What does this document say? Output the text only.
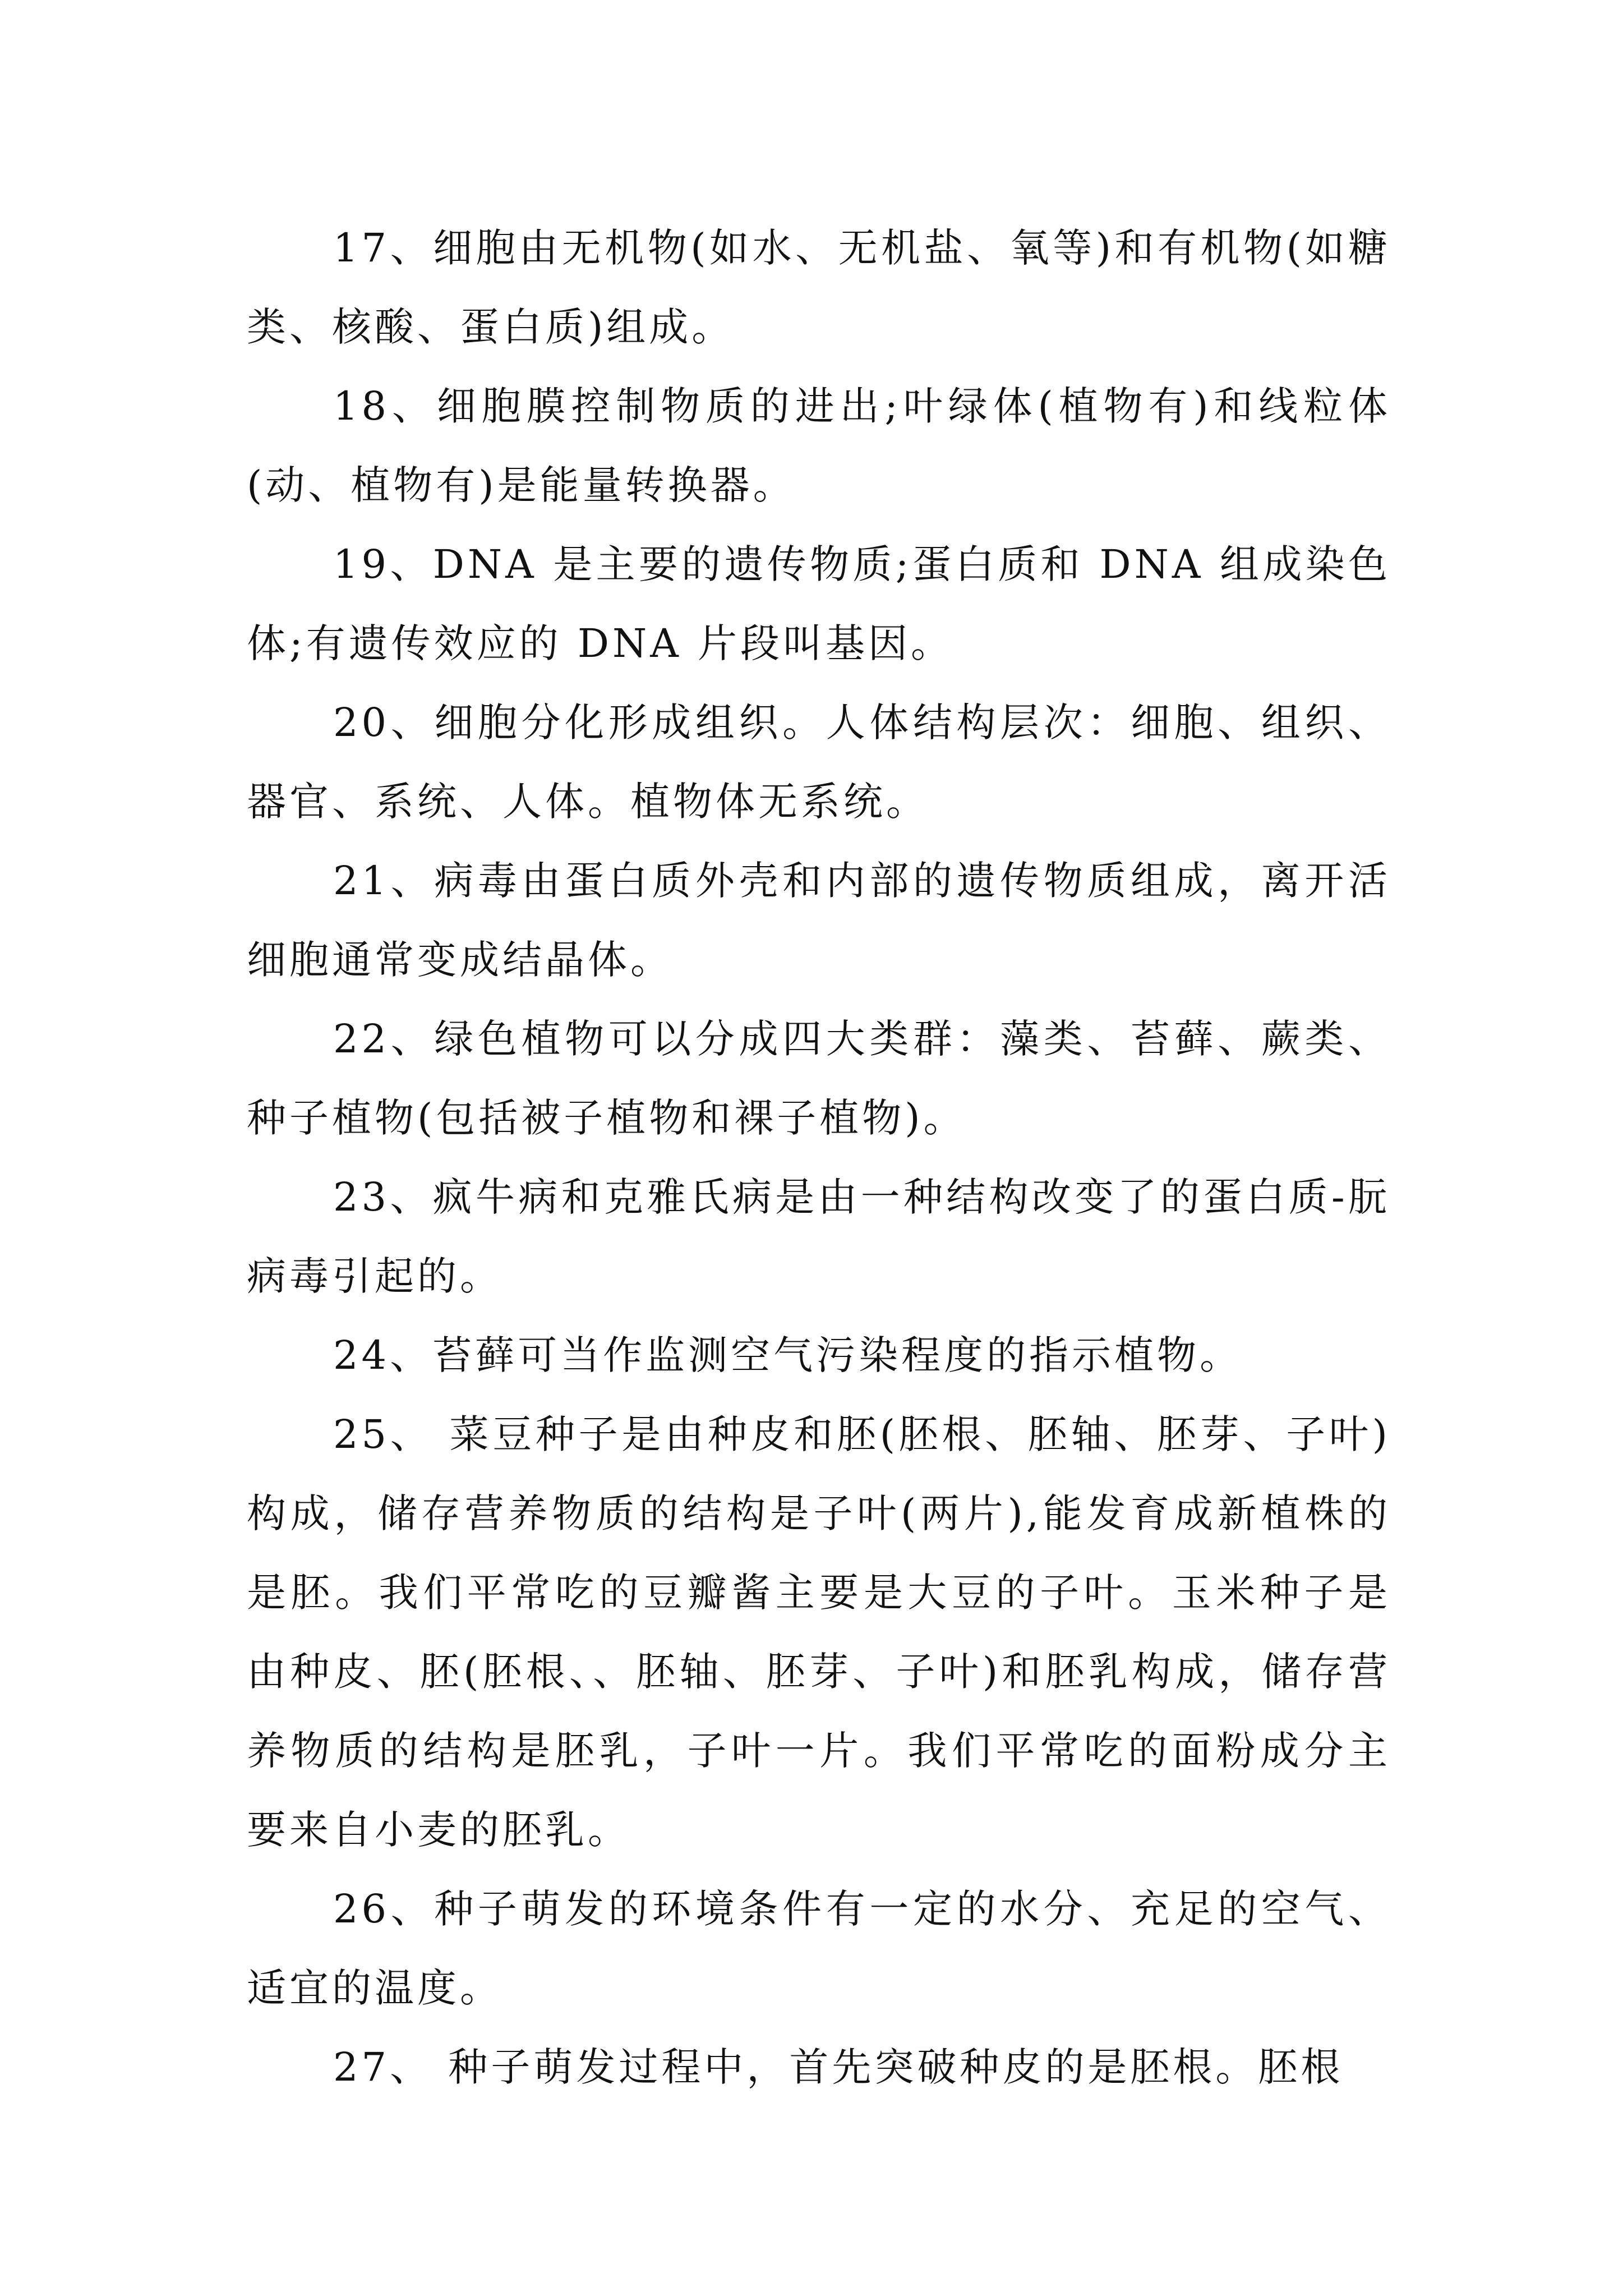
17、细胞由无机物(如水、无机盐、氧等)和有机物(如糖类、核酸、蛋白质)组成。

18、细胞膜控制物质的进出;叶绿体(植物有)和线粒体(动、植物有)是能量转换器。

19、DNA 是主要的遗传物质;蛋白质和 DNA 组成染色体;有遗传效应的 DNA 片段叫基因。

20、细胞分化形成组织。人体结构层次：细胞、组织、器官、系统、人体。植物体无系统。

21、病毒由蛋白质外壳和内部的遗传物质组成，离开活细胞通常变成结晶体。

22、绿色植物可以分成四大类群：藻类、苔藓、蕨类、种子植物(包括被子植物和裸子植物)。

23、疯牛病和克雅氏病是由一种结构改变了的蛋白质-朊病毒引起的。

24、苔藓可当作监测空气污染程度的指示植物。

25、 菜豆种子是由种皮和胚(胚根、胚轴、胚芽、子叶)构成，储存营养物质的结构是子叶(两片),能发育成新植株的是胚。我们平常吃的豆瓣酱主要是大豆的子叶。玉米种子是由种皮、胚(胚根、、胚轴、胚芽、子叶)和胚乳构成，储存营养物质的结构是胚乳，子叶一片。我们平常吃的面粉成分主要来自小麦的胚乳。

26、种子萌发的环境条件有一定的水分、充足的空气、适宜的温度。

27、 种子萌发过程中，首先突破种皮的是胚根。胚根
